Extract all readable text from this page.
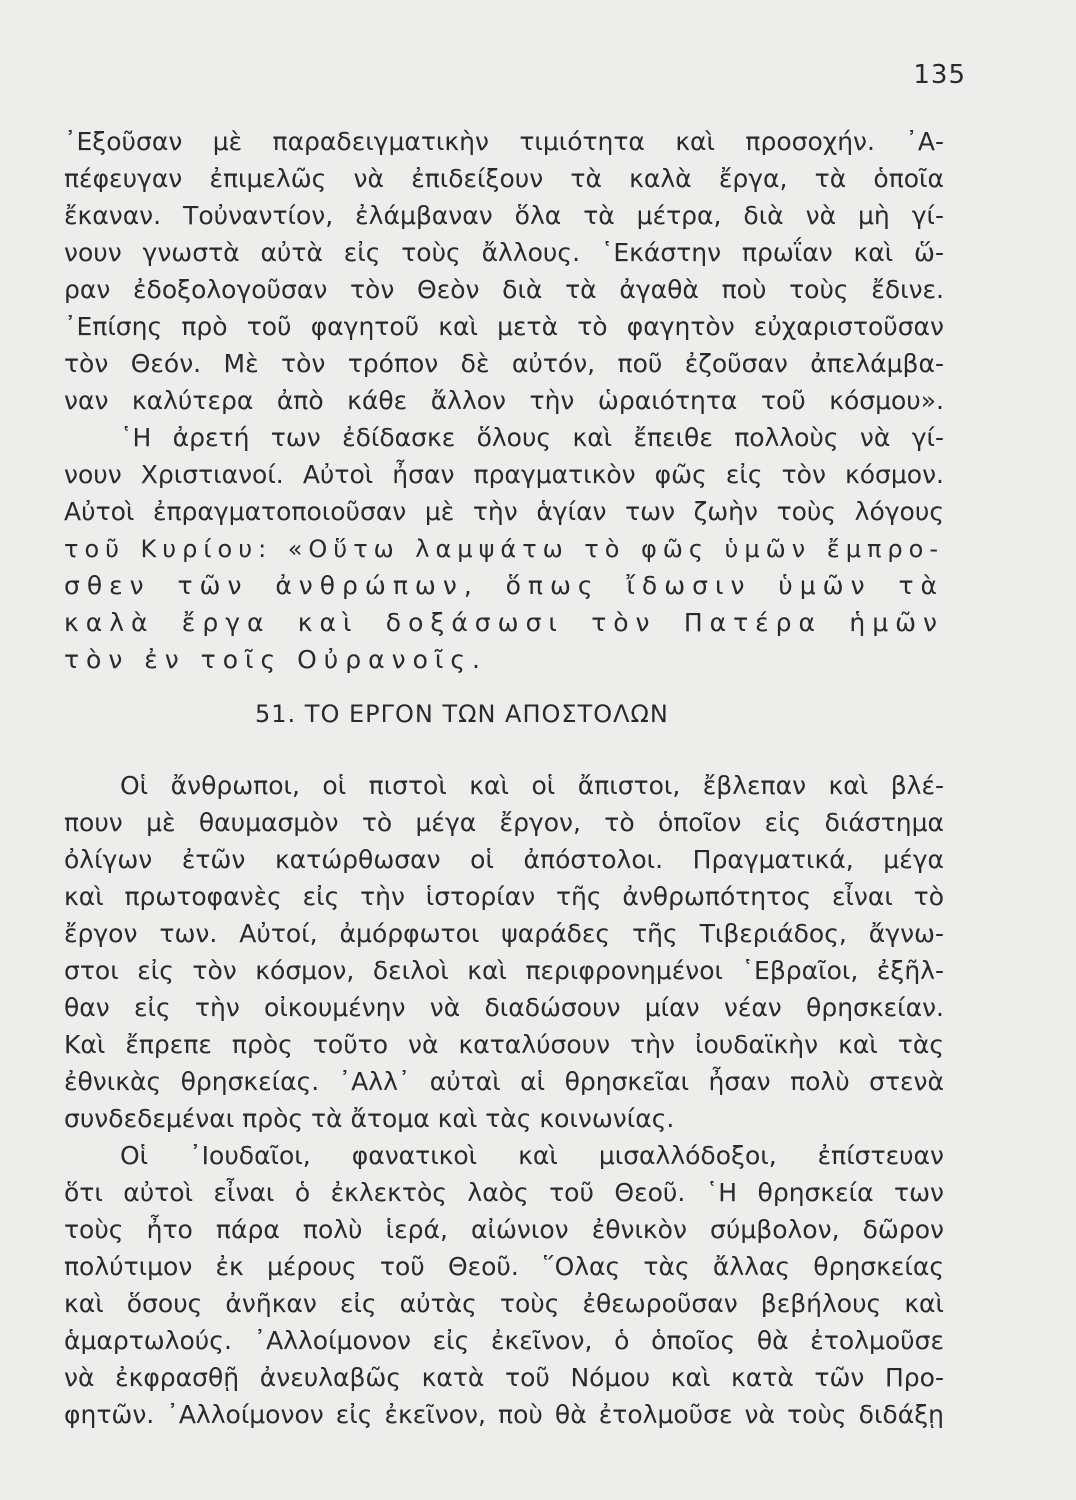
135
᾿Εξοῦσαν μὲ παραδειγματικὴν τιμιότητα καὶ προσοχήν. ᾿Α-
πέφευγαν ἐπιμελῶς νὰ ἐπιδείξουν τὰ καλὰ ἔργα, τὰ ὁποῖα
ἔκαναν. Τοὐναντίον, ἐλάμβαναν ὅλα τὰ μέτρα, διὰ νὰ μὴ γί-
νουν γνωστὰ αὐτὰ εἰς τοὺς ἄλλους. ῾Εκάστην πρωΐαν καὶ ὥ-
ραν ἐδοξολογοῦσαν τὸν Θεὸν διὰ τὰ ἀγαθὰ ποὺ τοὺς ἔδινε.
᾿Επίσης πρὸ τοῦ φαγητοῦ καὶ μετὰ τὸ φαγητὸν εὐχαριστοῦσαν
τὸν Θεόν. Μὲ τὸν τρόπον δὲ αὐτόν, ποῦ ἐζοῦσαν ἀπελάμβα-
ναν καλύτερα ἀπὸ κάθε ἄλλον τὴν ὡραιότητα τοῦ κόσμου».
῾Η ἀρετή των ἐδίδασκε ὅλους καὶ ἔπειθε πολλοὺς νὰ γί-
νουν Χριστιανοί. Αὐτοὶ ἦσαν πραγματικὸν φῶς εἰς τὸν κόσμον.
Αὐτοὶ ἐπραγματοποιοῦσαν μὲ τὴν ἁγίαν των ζωὴν τοὺς λόγους
τοῦ Κυρίου: «Οὕτω λαμψάτω τὸ φῶς ὑμῶν ἔμπρο-
σθεν τῶν ἀνθρώπων, ὅπως ἴδωσιν ὑμῶν τὰ
καλὰ ἔργα καὶ δοξάσωσι τὸν Πατέρα ἡμῶν
τὸν ἐν τοῖς Οὐρανοῖς.
51. ΤΟ ΕΡΓΟΝ ΤΩΝ ΑΠΟΣΤΟΛΩΝ
Οἱ ἄνθρωποι, οἱ πιστοὶ καὶ οἱ ἄπιστοι, ἔβλεπαν καὶ βλέ-
πουν μὲ θαυμασμὸν τὸ μέγα ἔργον, τὸ ὁποῖον εἰς διάστημα
ὀλίγων ἐτῶν κατώρθωσαν οἱ ἀπόστολοι. Πραγματικά, μέγα
καὶ πρωτοφανὲς εἰς τὴν ἱστορίαν τῆς ἀνθρωπότητος εἶναι τὸ
ἔργον των. Αὐτοί, ἀμόρφωτοι ψαράδες τῆς Τιβεριάδος, ἄγνω-
στοι εἰς τὸν κόσμον, δειλοὶ καὶ περιφρονημένοι ῾Εβραῖοι, ἐξῆλ-
θαν εἰς τὴν οἰκουμένην νὰ διαδώσουν μίαν νέαν θρησκείαν.
Καὶ ἔπρεπε πρὸς τοῦτο νὰ καταλύσουν τὴν ἰουδαϊκὴν καὶ τὰς
ἐθνικὰς θρησκείας. ᾿Αλλ᾿ αὐταὶ αἱ θρησκεῖαι ἦσαν πολὺ στενὰ
συνδεδεμέναι πρὸς τὰ ἄτομα καὶ τὰς κοινωνίας.
Οἱ ᾿Ιουδαῖοι, φανατικοὶ καὶ μισαλλόδοξοι, ἐπίστευαν
ὅτι αὐτοὶ εἶναι ὁ ἐκλεκτὸς λαὸς τοῦ Θεοῦ. ῾Η θρησκεία των
τοὺς ἦτο πάρα πολὺ ἱερά, αἰώνιον ἐθνικὸν σύμβολον, δῶρον
πολύτιμον ἐκ μέρους τοῦ Θεοῦ. ῞Ολας τὰς ἄλλας θρησκείας
καὶ ὅσους ἀνῆκαν εἰς αὐτὰς τοὺς ἐθεωροῦσαν βεβήλους καὶ
ἁμαρτωλούς. ᾿Αλλοίμονον εἰς ἐκεῖνον, ὁ ὁποῖος θὰ ἐτολμοῦσε
νὰ ἐκφρασθῇ ἀνευλαβῶς κατὰ τοῦ Νόμου καὶ κατὰ τῶν Προ-
φητῶν. ᾿Αλλοίμονον εἰς ἐκεῖνον, ποὺ θὰ ἐτολμοῦσε νὰ τοὺς διδάξῃ
